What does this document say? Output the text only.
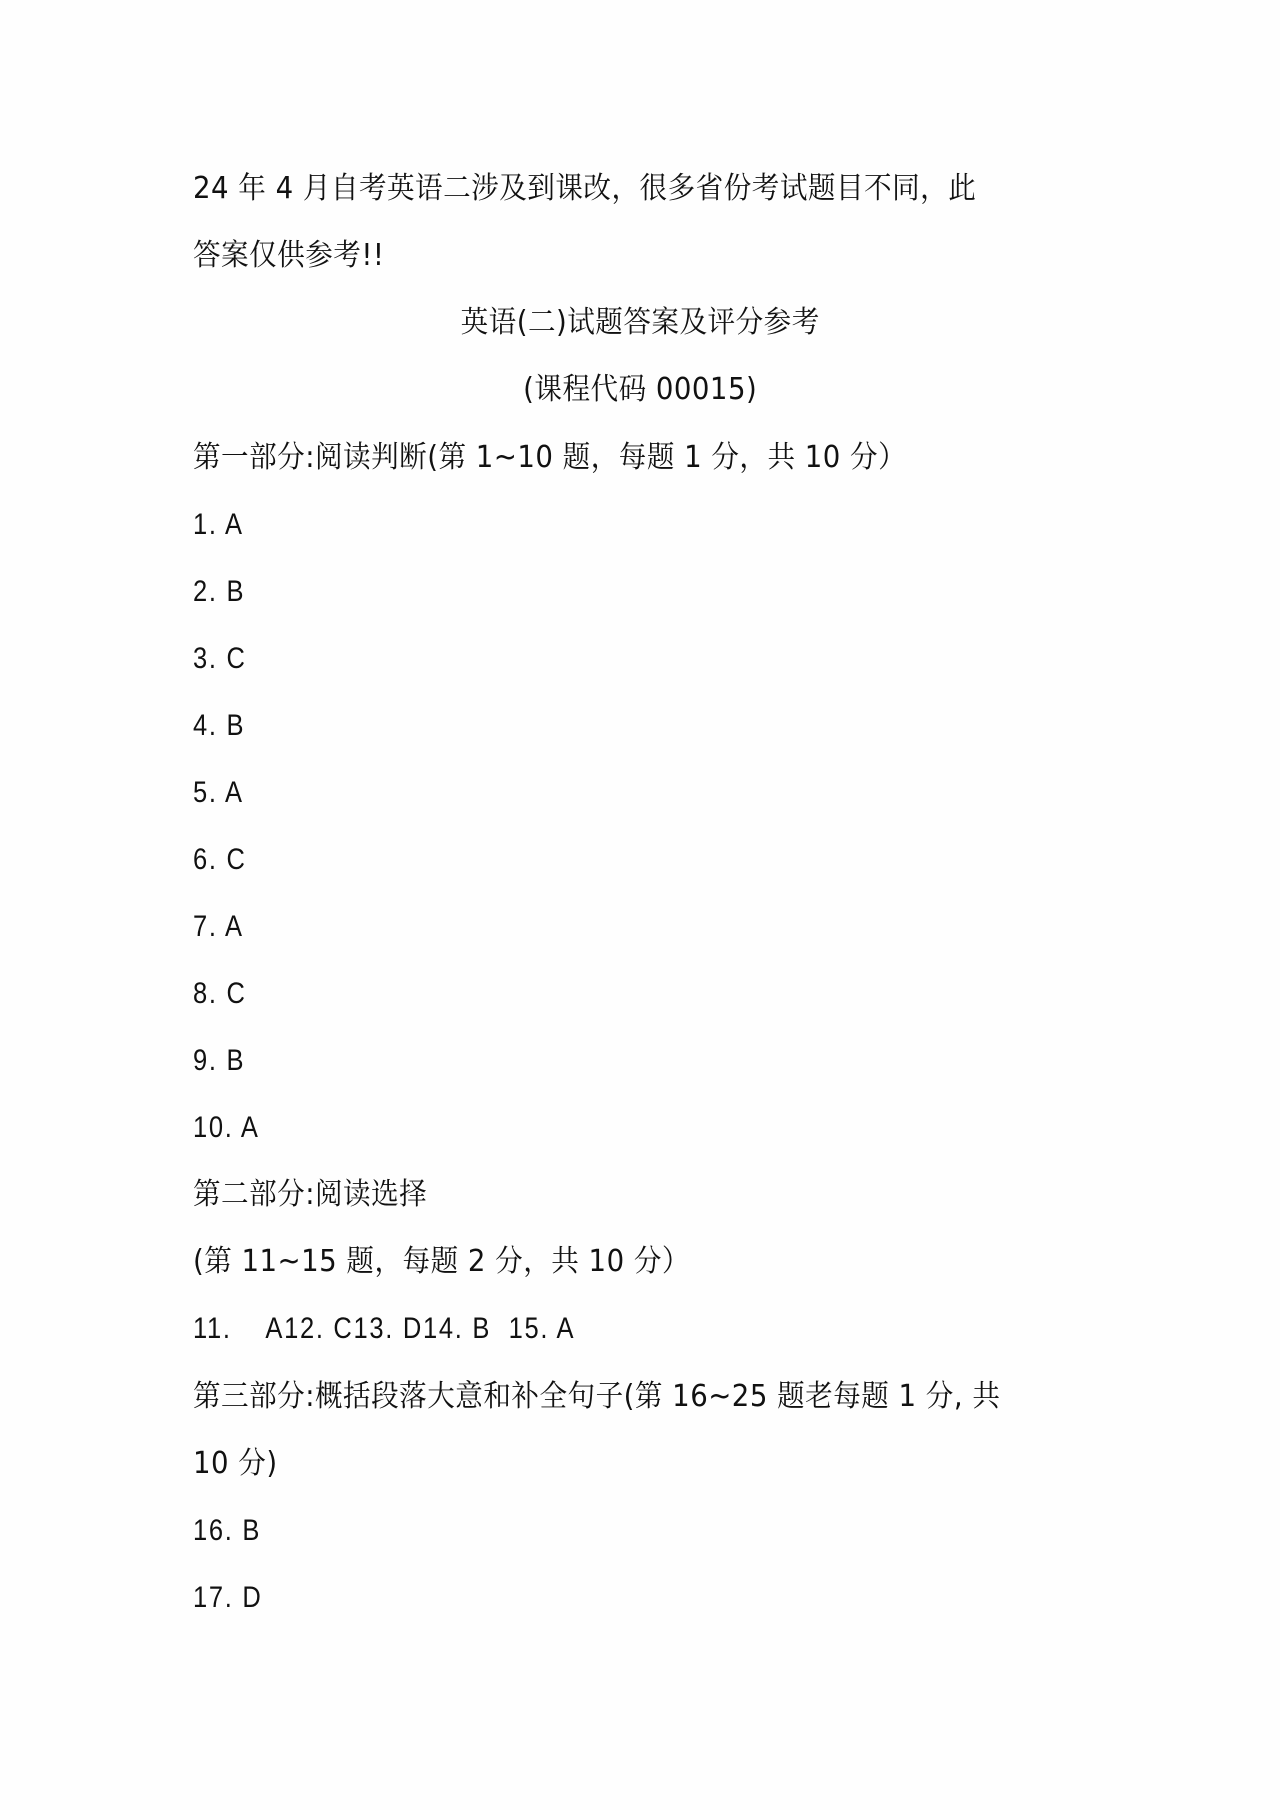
24 年 4 月自考英语二涉及到课改，很多省份考试题目不同，此
答案仅供参考!!
英语(二)试题答案及评分参考
(课程代码 00015)
第一部分:阅读判断(第 1~10 题，每题 1 分，共 10 分）
1. A
2. B
3. C
4. B
5. A
6. C
7. A
8. C
9. B
10. A
第二部分:阅读选择
(第 11~15 题，每题 2 分，共 10 分）
11.    A12. C13. D14. B  15. A
第三部分:概括段落大意和补全句子(第 16~25 题老每题 1 分, 共
10 分)
16. B
17. D
